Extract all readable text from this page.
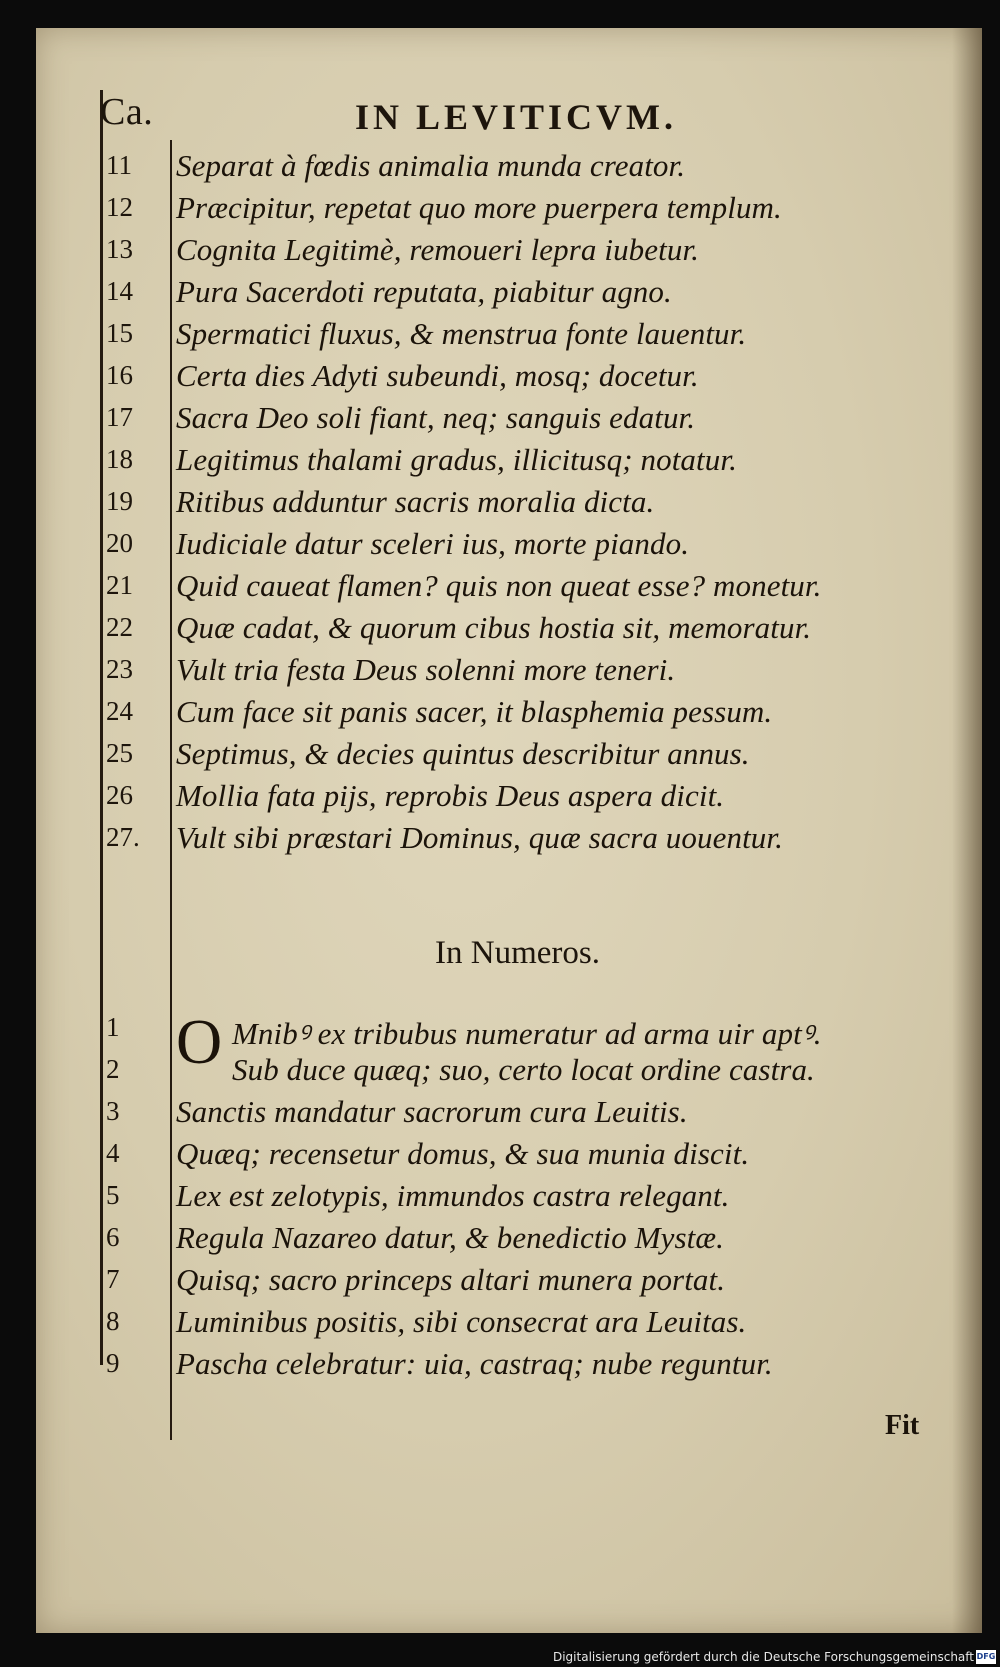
Ca.	IN LEVITICVM.
11	Separat à fœdis animalia munda creator.
12	Præcipitur, repetat quo more puerpera templum.
13	Cognita Legitimè, remoueri lepra iubetur.
14	Pura Sacerdoti reputata, piabitur agno.
15	Spermatici fluxus, & menstrua fonte lauentur.
16	Certa dies Adyti subeundi, mosq; docetur.
17	Sacra Deo soli fiant, neq; sanguis edatur.
18	Legitimus thalami gradus, illicitusq; notatur.
19	Ritibus adduntur sacris moralia dicta.
20	Iudiciale datur sceleri ius, morte piando.
21	Quid caueat flamen? quis non queat esse? monetur.
22	Quæ cadat, & quorum cibus hostia sit, memoratur.
23	Vult tria festa Deus solenni more teneri.
24	Cum face sit panis sacer, it blasphemia pessum.
25	Septimus, & decies quintus describitur annus.
26	Mollia fata pijs, reprobis Deus aspera dicit.
27.	Vult sibi præstari Dominus, quæ sacra uouentur.
In Numeros.
1 O Mnibꝰ ex tribubus numeratur ad arma uir aptꝰ.
2	Sub duce quæq; suo, certo locat ordine castra.
3	Sanctis mandatur sacrorum cura Leuitis.
4	Quæq; recensetur domus, & sua munia discit.
5	Lex est zelotypis, immundos castra relegant.
6	Regula Nazareo datur, & benedictio Mystæ.
7	Quisq; sacro princeps altari munera portat.
8	Luminibus positis, sibi consecrat ara Leuitas.
9	Pascha celebratur: uia, castraq; nube reguntur.
Fit
Digitalisierung gefördert durch die Deutsche Forschungsgemeinschaft DFG
